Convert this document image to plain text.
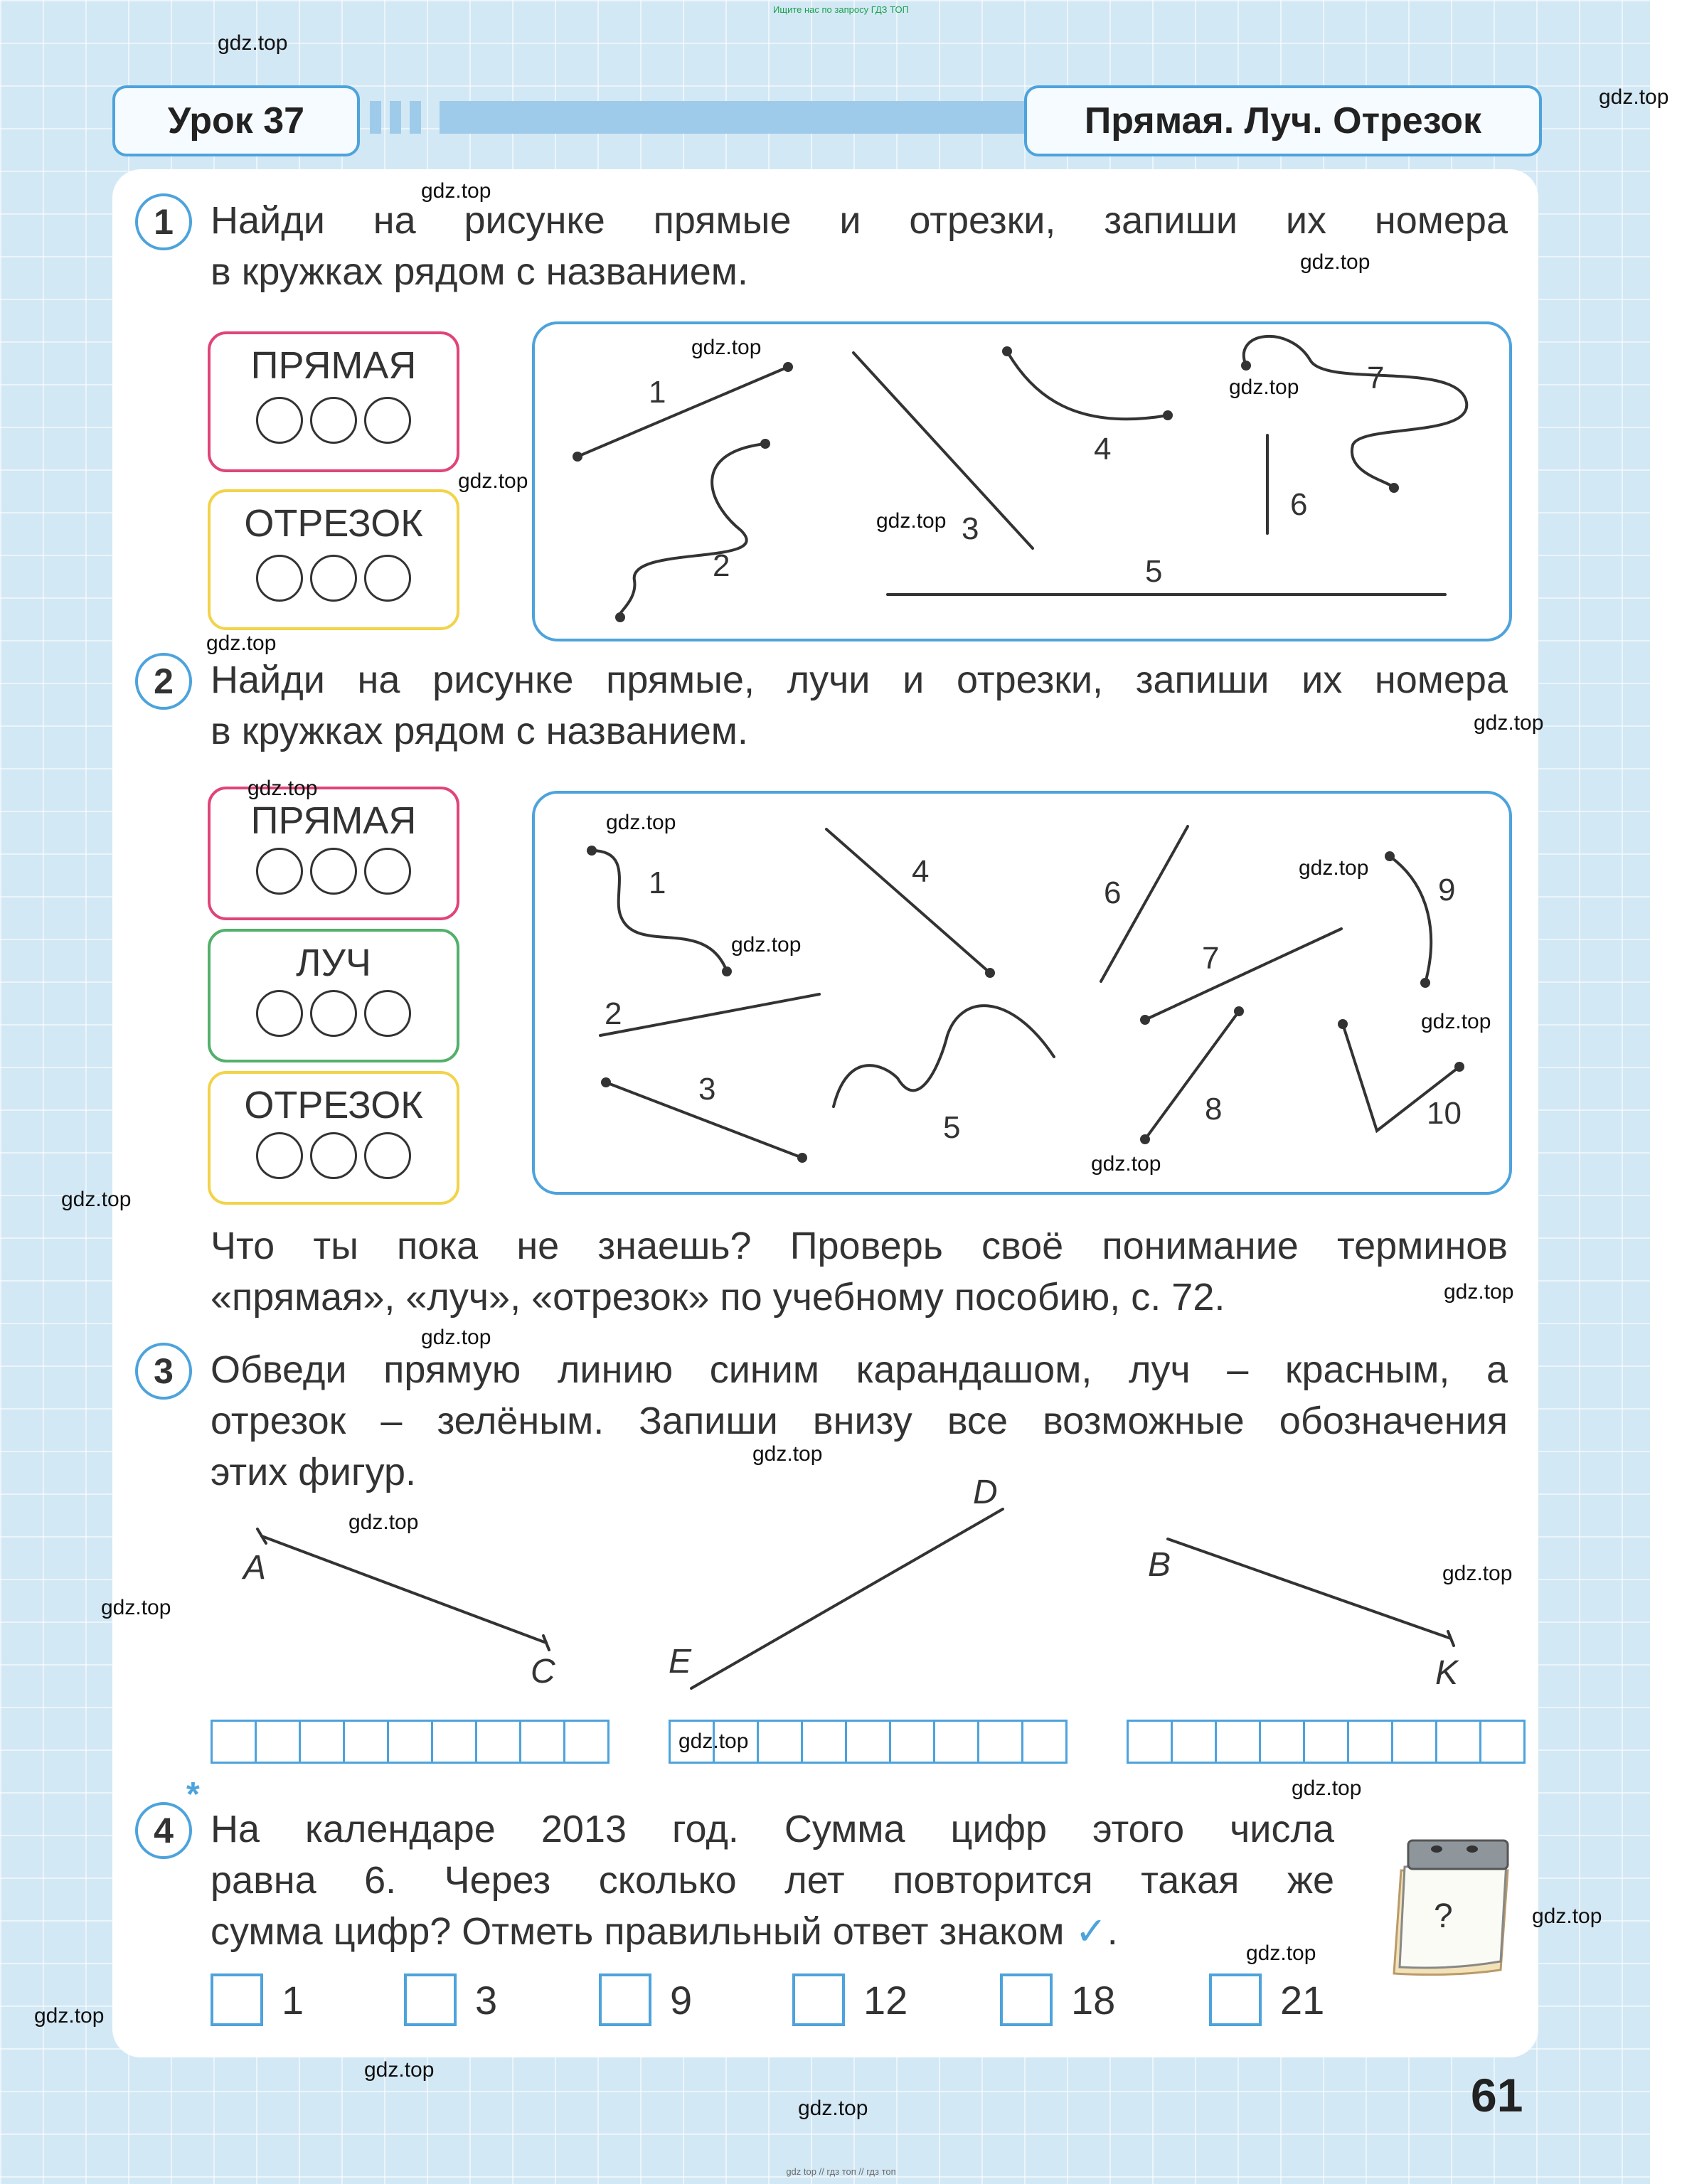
Ищите нас по запросу ГДЗ ТОП
gdz top // гдз топ // гдз топ
Урок 37	Прямая. Луч. Отрезок
1 Найди на рисунке прямые и отрезки, запиши их номера
в кружках рядом с названием.
ПРЯМАЯ
ОТРЕЗОК
1
2
3
4
5
6
7
2 Найди на рисунке прямые, лучи и отрезки, запиши их номера
в кружках рядом с названием.
ПРЯМАЯ
ЛУЧ
ОТРЕЗОК
1
2
3
4
5
6
7
8
9
10
Что ты пока не знаешь? Проверь своё понимание терминов
«прямая», «луч», «отрезок» по учебному пособию, с. 72.
3 Обведи прямую линию синим карандашом, луч – красным, а
отрезок – зелёным. Запиши внизу все возможные обозначения
этих фигур.
A
C
D
E
B
K
*
4 На календаре 2013 год. Сумма цифр этого числа
равна 6. Через сколько лет повторится такая же
сумма цифр? Отметь правильный ответ знаком ✓.	?
1	3	9	12	18	21
61
gdz.top
gdz.top
gdz.top
gdz.top
gdz.top
gdz.top
gdz.top
gdz.top
gdz.top
gdz.top
gdz.top
gdz.top
gdz.top
gdz.top
gdz.top
gdz.top
gdz.top
gdz.top
gdz.top
gdz.top
gdz.top
gdz.top
gdz.top
gdz.top
gdz.top
gdz.top
gdz.top
gdz.top
gdz.top
gdz.top
